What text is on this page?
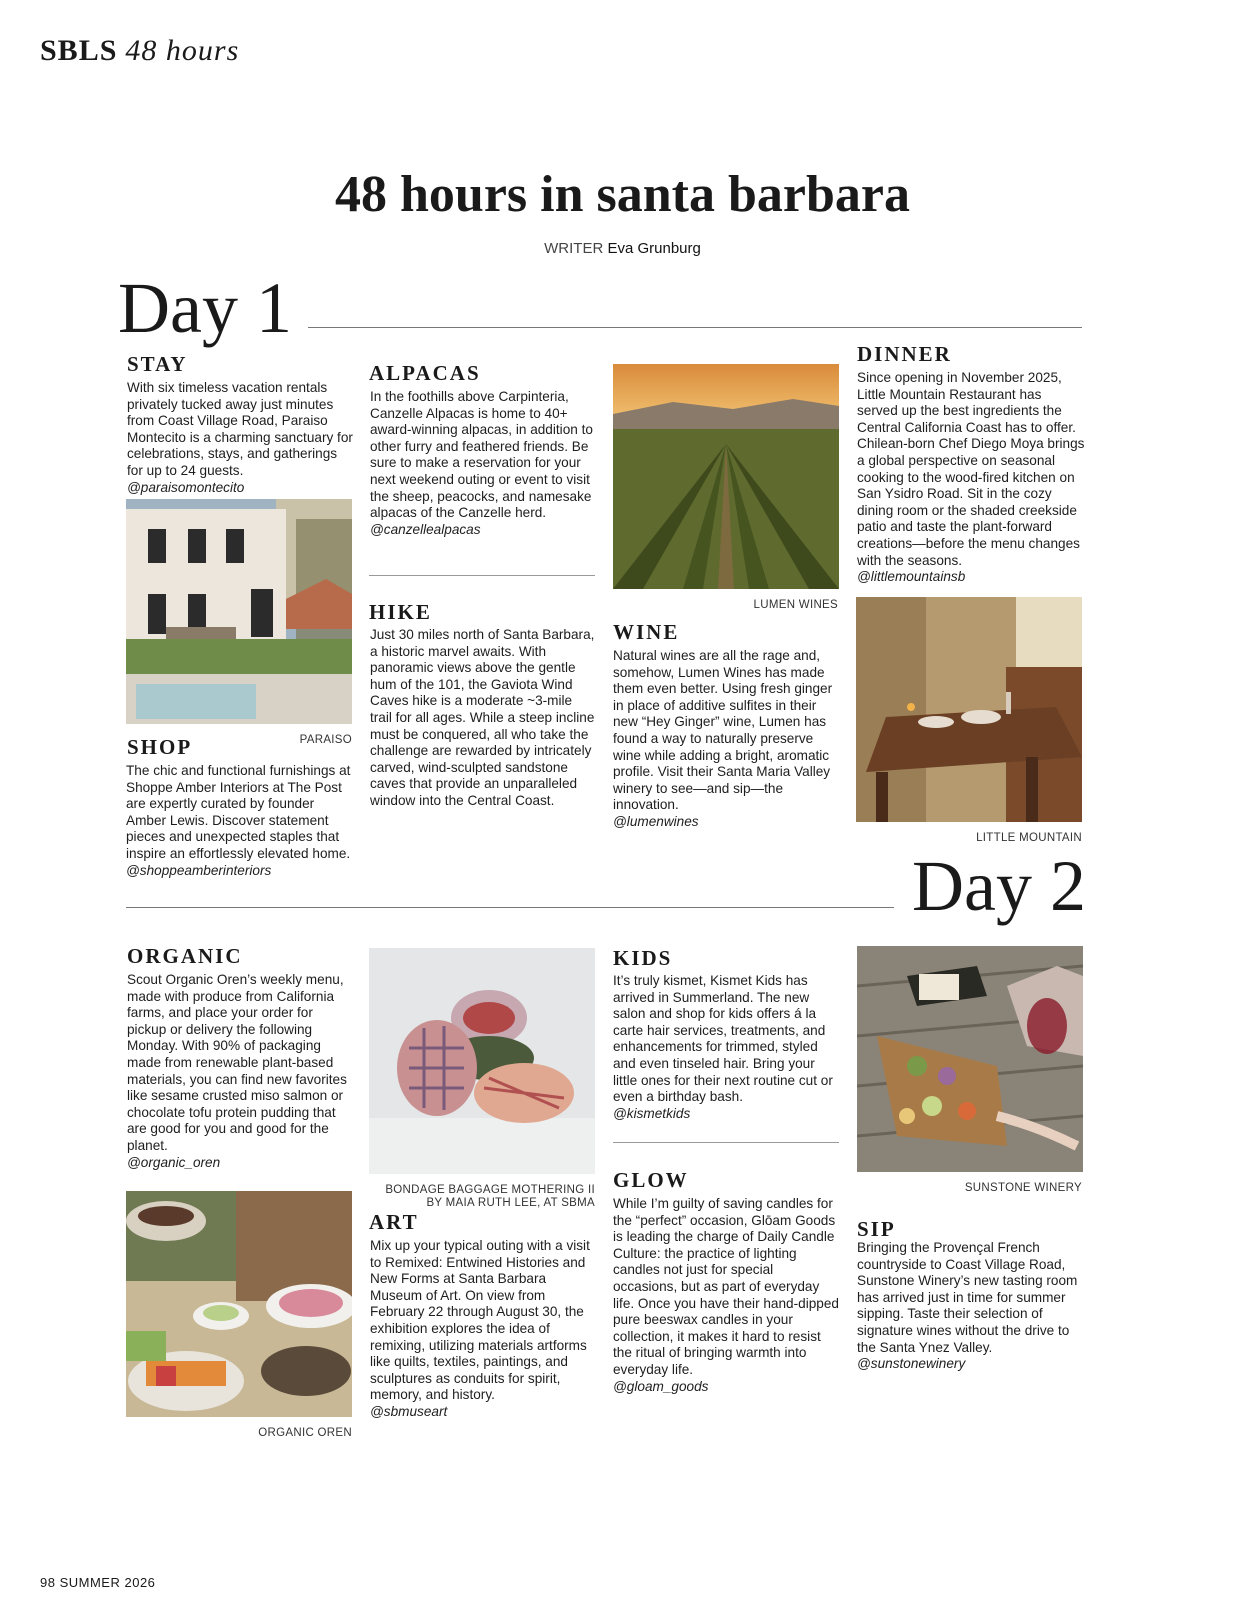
SBLS 48 hours
48 hours in santa barbara
WRITER Eva Grunburg
Day 1
STAY
With six timeless vacation rentals privately tucked away just minutes from Coast Village Road, Paraiso Montecito is a charming sanctuary for celebrations, stays, and gatherings for up to 24 guests.
@paraisomontecito
PARAISO
SHOP
The chic and functional furnishings at Shoppe Amber Interiors at The Post are expertly curated by founder Amber Lewis. Discover statement pieces and unexpected staples that inspire an effortlessly elevated home.
@shoppeamberinteriors
ALPACAS
In the foothills above Carpinteria, Canzelle Alpacas is home to 40+ award-winning alpacas, in addition to other furry and feathered friends. Be sure to make a reservation for your next weekend outing or event to visit the sheep, peacocks, and namesake alpacas of the Canzelle herd.
@canzellealpacas
HIKE
Just 30 miles north of Santa Barbara, a historic marvel awaits. With panoramic views above the gentle hum of the 101, the Gaviota Wind Caves hike is a moderate ~3-mile trail for all ages. While a steep incline must be conquered, all who take the challenge are rewarded by intricately carved, wind-sculpted sandstone caves that provide an unparalleled window into the Central Coast.
LUMEN WINES
WINE
Natural wines are all the rage and, somehow, Lumen Wines has made them even better. Using fresh ginger in place of additive sulfites in their new “Hey Ginger” wine, Lumen has found a way to naturally preserve wine while adding a bright, aromatic profile. Visit their Santa Maria Valley winery to see—and sip—the innovation.
@lumenwines
DINNER
Since opening in November 2025, Little Mountain Restaurant has served up the best ingredients the Central California Coast has to offer. Chilean-born Chef Diego Moya brings a global perspective on seasonal cooking to the wood-fired kitchen on San Ysidro Road. Sit in the cozy dining room or the shaded creekside patio and taste the plant-forward creations—before the menu changes with the seasons.
@littlemountainsb
LITTLE MOUNTAIN
Day 2
ORGANIC
Scout Organic Oren’s weekly menu, made with produce from California farms, and place your order for pickup or delivery the following Monday. With 90% of packaging made from renewable plant-based materials, you can find new favorites like sesame crusted miso salmon or chocolate tofu protein pudding that are good for you and good for the planet.
@organic_oren
ORGANIC OREN
BONDAGE BAGGAGE MOTHERING II
BY MAIA RUTH LEE, AT SBMA
ART
Mix up your typical outing with a visit to Remixed: Entwined Histories and New Forms at Santa Barbara Museum of Art. On view from February 22 through August 30, the exhibition explores the idea of remixing, utilizing materials artforms like quilts, textiles, paintings, and sculptures as conduits for spirit, memory, and history.
@sbmuseart
KIDS
It’s truly kismet, Kismet Kids has arrived in Summerland. The new salon and shop for kids offers á la carte hair services, treatments, and enhancements for trimmed, styled and even tinseled hair. Bring your little ones for their next routine cut or even a birthday bash.
@kismetkids
GLOW
While I’m guilty of saving candles for the “perfect” occasion, Glōam Goods is leading the charge of Daily Candle Culture: the practice of lighting candles not just for special occasions, but as part of everyday life. Once you have their hand-dipped pure beeswax candles in your collection, it makes it hard to resist the ritual of bringing warmth into everyday life.
@gloam_goods
SUNSTONE WINERY
SIP
Bringing the Provençal French countryside to Coast Village Road, Sunstone Winery’s new tasting room has arrived just in time for summer sipping. Taste their selection of signature wines without the drive to the Santa Ynez Valley.
@sunstonewinery
98 SUMMER 2026
